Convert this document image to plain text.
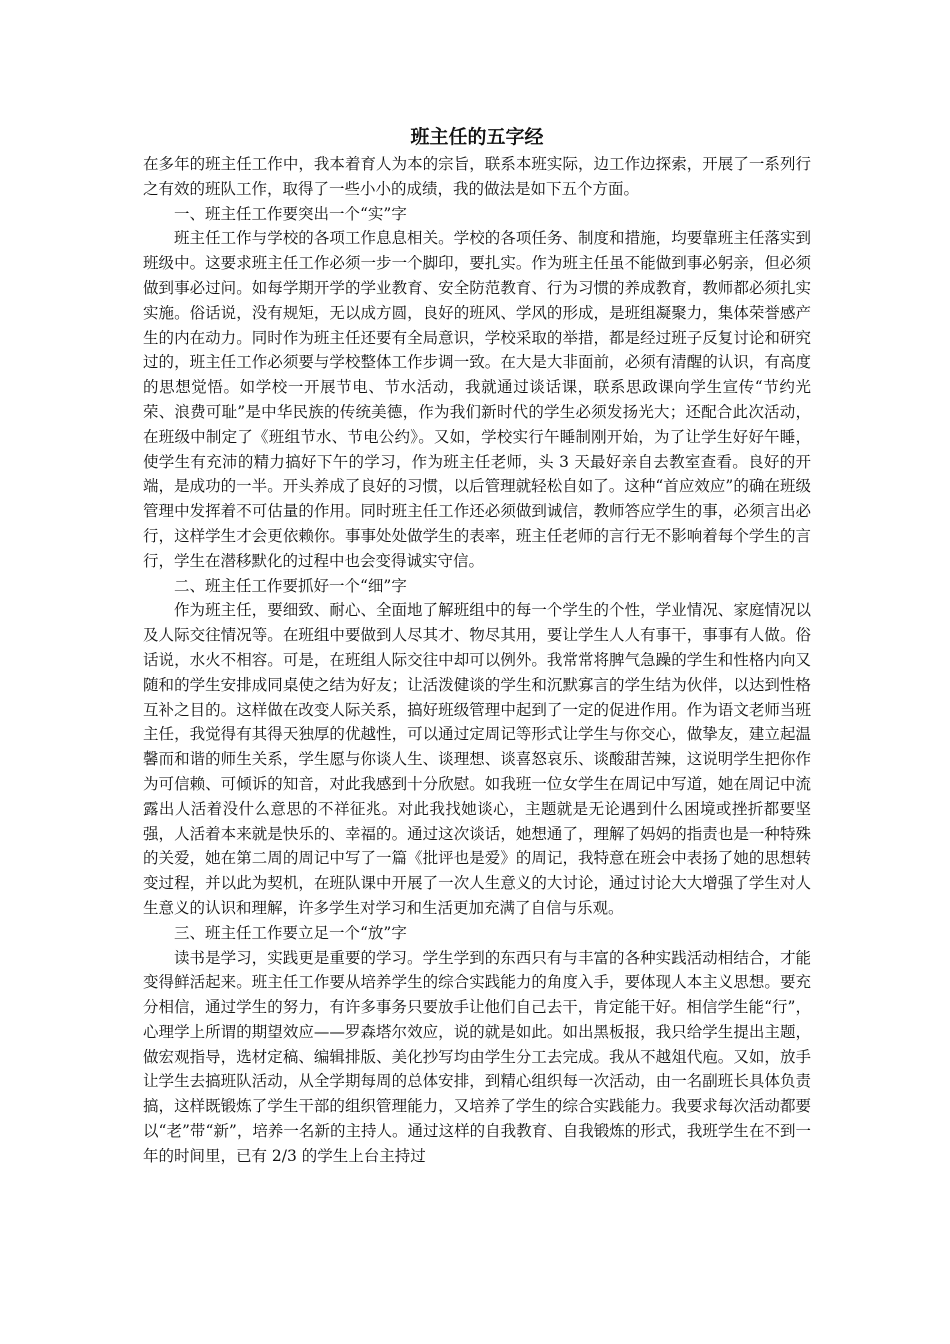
班主任的五字经

在多年的班主任工作中，我本着育人为本的宗旨，联系本班实际，边工作边探索，开展了一系列行之有效的班队工作，取得了一些小小的成绩，我的做法是如下五个方面。

一、班主任工作要突出一个“实”字

班主任工作与学校的各项工作息息相关。学校的各项任务、制度和措施，均要靠班主任落实到班级中。这要求班主任工作必须一步一个脚印，要扎实。作为班主任虽不能做到事必躬亲，但必须做到事必过问。如每学期开学的学业教育、安全防范教育、行为习惯的养成教育，教师都必须扎实实施。俗话说，没有规矩，无以成方圆，良好的班风、学风的形成，是班组凝聚力，集体荣誉感产生的内在动力。同时作为班主任还要有全局意识，学校采取的举措，都是经过班子反复讨论和研究过的，班主任工作必须要与学校整体工作步调一致。在大是大非面前，必须有清醒的认识，有高度的思想觉悟。如学校一开展节电、节水活动，我就通过谈话课，联系思政课向学生宣传“节约光荣、浪费可耻”是中华民族的传统美德，作为我们新时代的学生必须发扬光大；还配合此次活动，在班级中制定了《班组节水、节电公约》。又如，学校实行午睡制刚开始，为了让学生好好午睡，使学生有充沛的精力搞好下午的学习，作为班主任老师，头 3 天最好亲自去教室查看。良好的开端，是成功的一半。开头养成了良好的习惯，以后管理就轻松自如了。这种“首应效应”的确在班级管理中发挥着不可估量的作用。同时班主任工作还必须做到诚信，教师答应学生的事，必须言出必行，这样学生才会更依赖你。事事处处做学生的表率，班主任老师的言行无不影响着每个学生的言行，学生在潜移默化的过程中也会变得诚实守信。

二、班主任工作要抓好一个“细”字

作为班主任，要细致、耐心、全面地了解班组中的每一个学生的个性，学业情况、家庭情况以及人际交往情况等。在班组中要做到人尽其才、物尽其用，要让学生人人有事干，事事有人做。俗话说，水火不相容。可是，在班组人际交往中却可以例外。我常常将脾气急躁的学生和性格内向又随和的学生安排成同桌使之结为好友；让活泼健谈的学生和沉默寡言的学生结为伙伴，以达到性格互补之目的。这样做在改变人际关系，搞好班级管理中起到了一定的促进作用。作为语文老师当班主任，我觉得有其得天独厚的优越性，可以通过定周记等形式让学生与你交心，做挚友，建立起温馨而和谐的师生关系，学生愿与你谈人生、谈理想、谈喜怒哀乐、谈酸甜苦辣，这说明学生把你作为可信赖、可倾诉的知音，对此我感到十分欣慰。如我班一位女学生在周记中写道，她在周记中流露出人活着没什么意思的不祥征兆。对此我找她谈心，主题就是无论遇到什么困境或挫折都要坚强，人活着本来就是快乐的、幸福的。通过这次谈话，她想通了，理解了妈妈的指责也是一种特殊的关爱，她在第二周的周记中写了一篇《批评也是爱》的周记，我特意在班会中表扬了她的思想转变过程，并以此为契机，在班队课中开展了一次人生意义的大讨论，通过讨论大大增强了学生对人生意义的认识和理解，许多学生对学习和生活更加充满了自信与乐观。

三、班主任工作要立足一个“放”字

读书是学习，实践更是重要的学习。学生学到的东西只有与丰富的各种实践活动相结合，才能变得鲜活起来。班主任工作要从培养学生的综合实践能力的角度入手，要体现人本主义思想。要充分相信，通过学生的努力，有许多事务只要放手让他们自己去干，肯定能干好。相信学生能“行”，心理学上所谓的期望效应——罗森塔尔效应，说的就是如此。如出黑板报，我只给学生提出主题，做宏观指导，选材定稿、编辑排版、美化抄写均由学生分工去完成。我从不越俎代庖。又如，放手让学生去搞班队活动，从全学期每周的总体安排，到精心组织每一次活动，由一名副班长具体负责搞，这样既锻炼了学生干部的组织管理能力，又培养了学生的综合实践能力。我要求每次活动都要以“老”带“新”，培养一名新的主持人。通过这样的自我教育、自我锻炼的形式，我班学生在不到一年的时间里，已有 2/3 的学生上台主持过
